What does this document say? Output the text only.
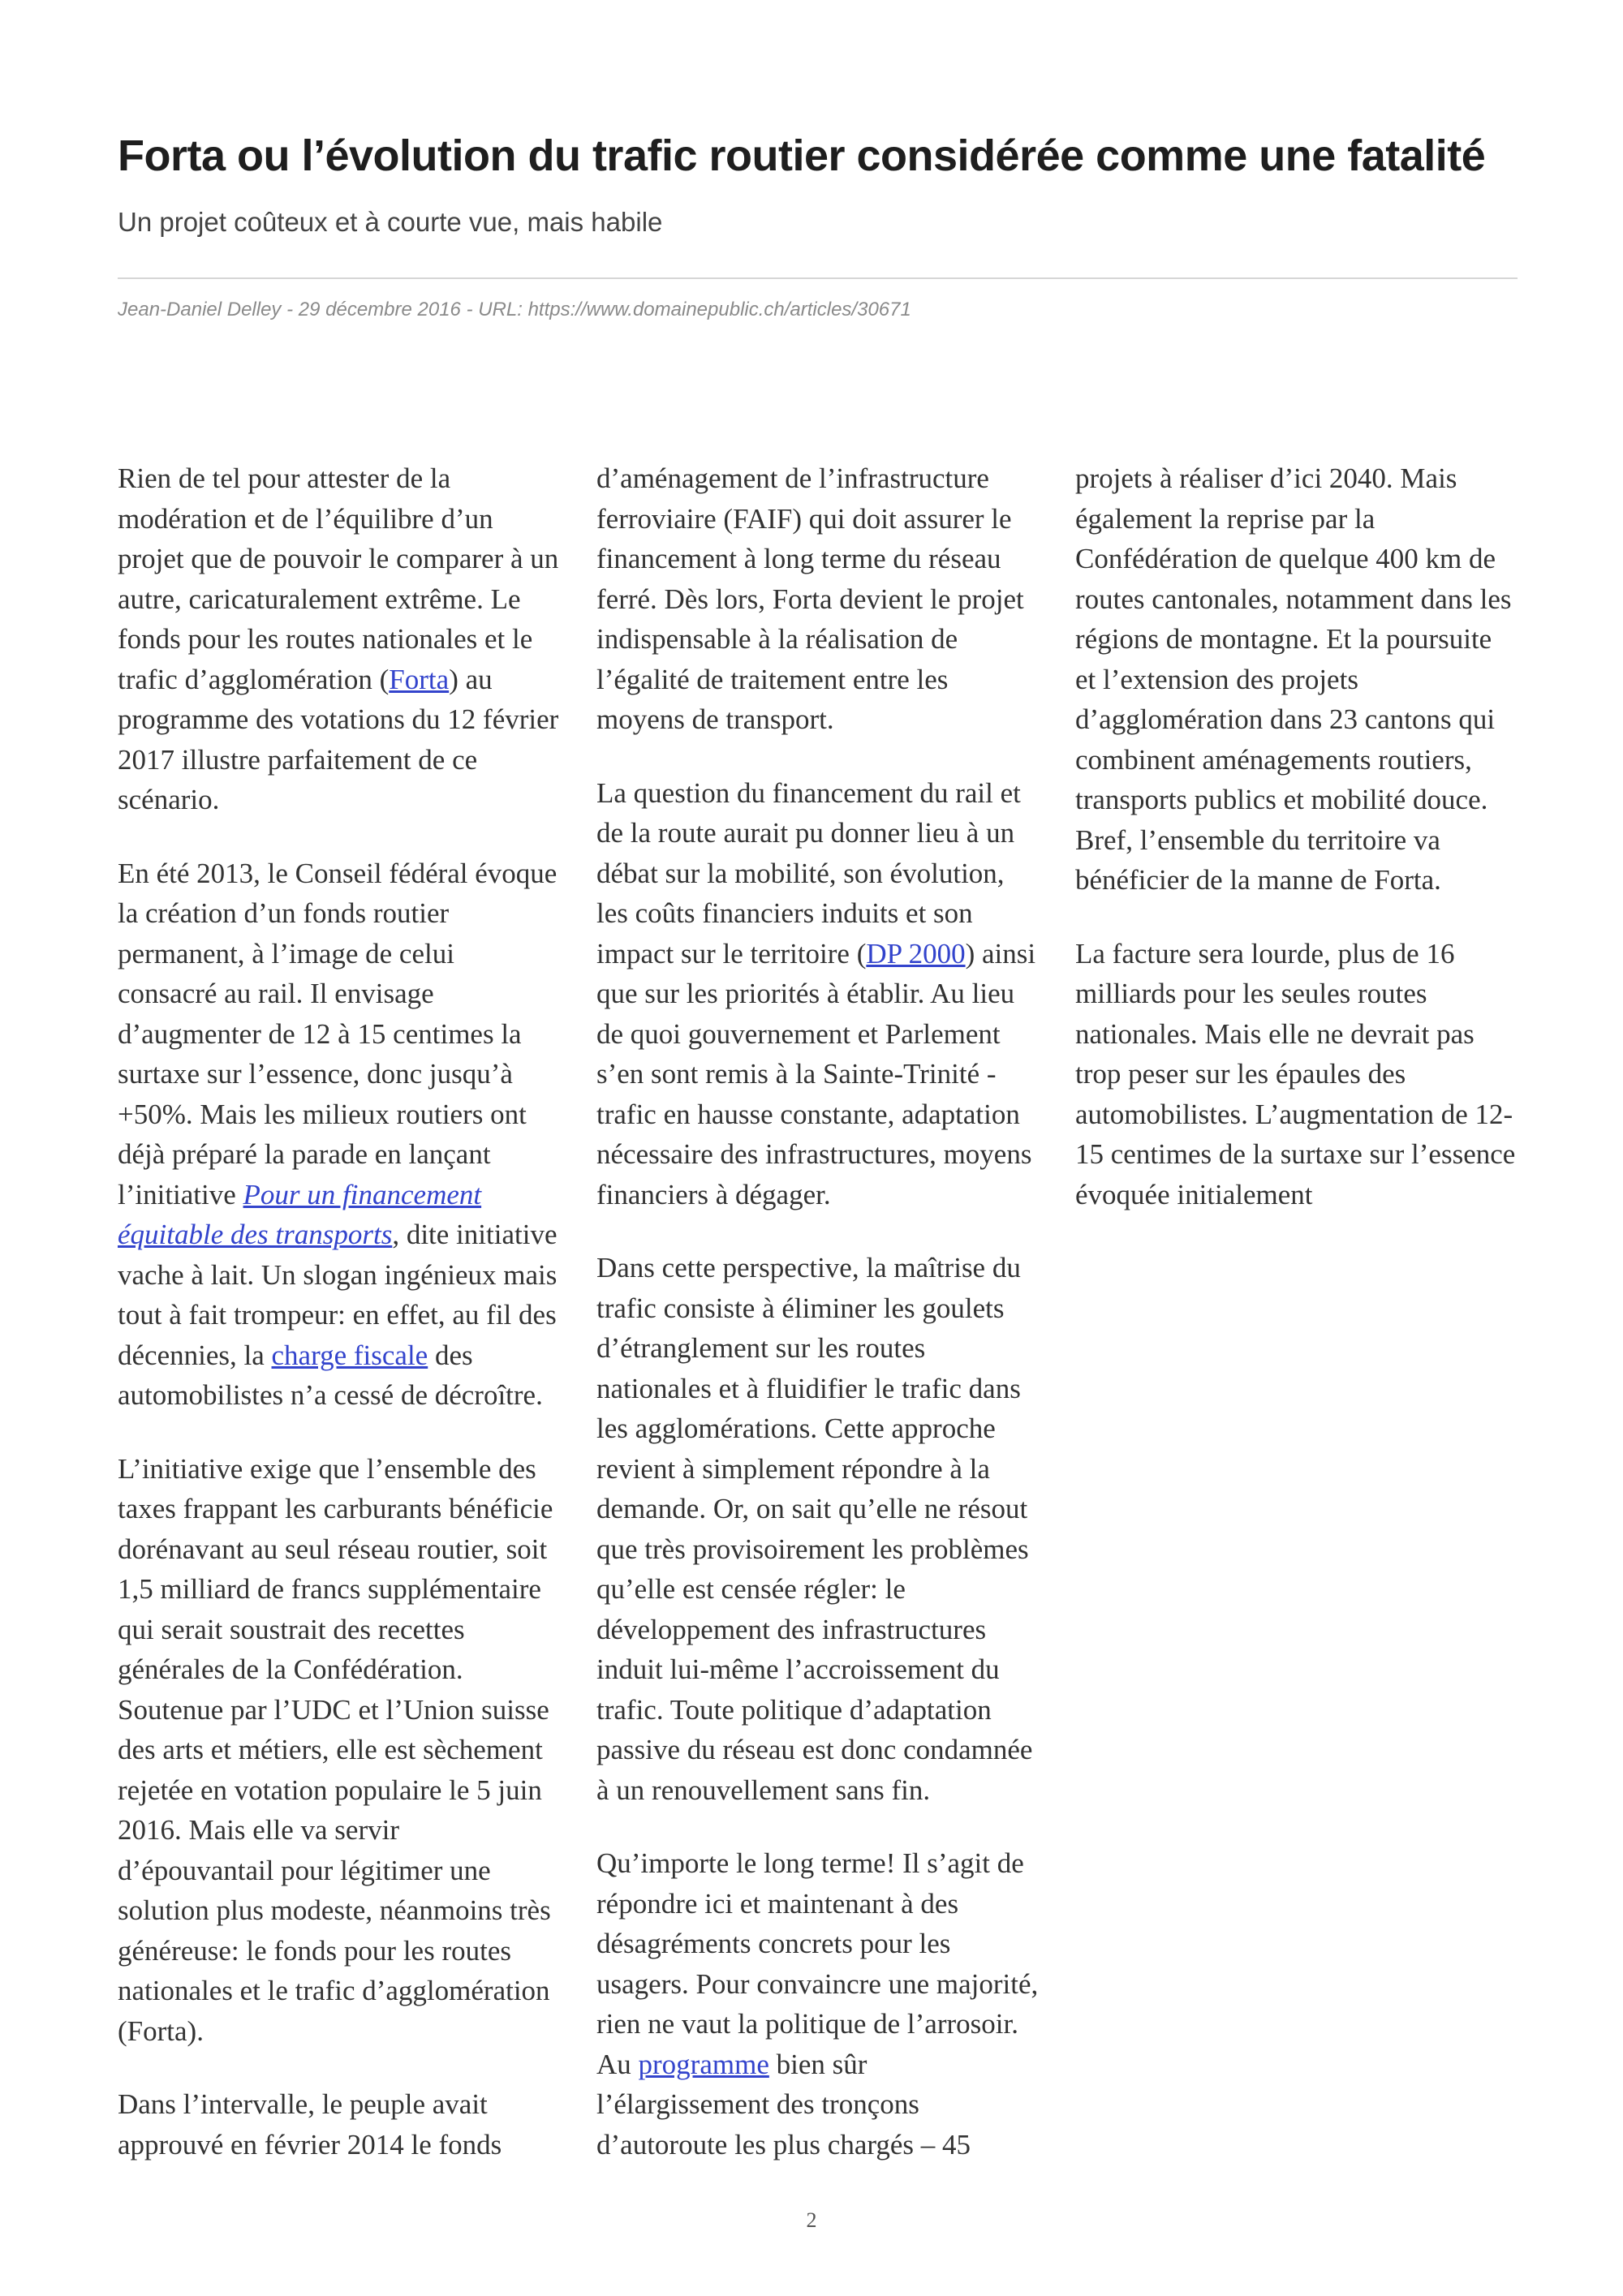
Forta ou l’évolution du trafic routier considérée comme une fatalité
Un projet coûteux et à courte vue, mais habile
Jean-Daniel Delley - 29 décembre 2016 - URL: https://www.domainepublic.ch/articles/30671

Rien de tel pour attester de la modération et de l’équilibre d’un projet que de pouvoir le comparer à un autre, caricaturalement extrême. Le fonds pour les routes nationales et le trafic d’agglomération (Forta) au programme des votations du 12 février 2017 illustre parfaitement de ce scénario.

En été 2013, le Conseil fédéral évoque la création d’un fonds routier permanent, à l’image de celui consacré au rail. Il envisage d’augmenter de 12 à 15 centimes la surtaxe sur l’essence, donc jusqu’à +50%. Mais les milieux routiers ont déjà préparé la parade en lançant l’initiative Pour un financement équitable des transports, dite initiative vache à lait. Un slogan ingénieux mais tout à fait trompeur: en effet, au fil des décennies, la charge fiscale des automobilistes n’a cessé de décroître.

L’initiative exige que l’ensemble des taxes frappant les carburants bénéficie dorénavant au seul réseau routier, soit 1,5 milliard de francs supplémentaire qui serait soustrait des recettes générales de la Confédération. Soutenue par l’UDC et l’Union suisse des arts et métiers, elle est sèchement rejetée en votation populaire le 5 juin 2016. Mais elle va servir d’épouvantail pour légitimer une solution plus modeste, néanmoins très généreuse: le fonds pour les routes nationales et le trafic d’agglomération (Forta).

Dans l’intervalle, le peuple avait approuvé en février 2014 le fonds d’aménagement de l’infrastructure ferroviaire (FAIF) qui doit assurer le financement à long terme du réseau ferré. Dès lors, Forta devient le projet indispensable à la réalisation de l’égalité de traitement entre les moyens de transport.

La question du financement du rail et de la route aurait pu donner lieu à un débat sur la mobilité, son évolution, les coûts financiers induits et son impact sur le territoire (DP 2000) ainsi que sur les priorités à établir. Au lieu de quoi gouvernement et Parlement s’en sont remis à la Sainte-Trinité - trafic en hausse constante, adaptation nécessaire des infrastructures, moyens financiers à dégager.

Dans cette perspective, la maîtrise du trafic consiste à éliminer les goulets d’étranglement sur les routes nationales et à fluidifier le trafic dans les agglomérations. Cette approche revient à simplement répondre à la demande. Or, on sait qu’elle ne résout que très provisoirement les problèmes qu’elle est censée régler: le développement des infrastructures induit lui-même l’accroissement du trafic. Toute politique d’adaptation passive du réseau est donc condamnée à un renouvellement sans fin.

Qu’importe le long terme! Il s’agit de répondre ici et maintenant à des désagréments concrets pour les usagers. Pour convaincre une majorité, rien ne vaut la politique de l’arrosoir. Au programme bien sûr l’élargissement des tronçons d’autoroute les plus chargés – 45 projets à réaliser d’ici 2040. Mais également la reprise par la Confédération de quelque 400 km de routes cantonales, notamment dans les régions de montagne. Et la poursuite et l’extension des projets d’agglomération dans 23 cantons qui combinent aménagements routiers, transports publics et mobilité douce. Bref, l’ensemble du territoire va bénéficier de la manne de Forta.

La facture sera lourde, plus de 16 milliards pour les seules routes nationales. Mais elle ne devrait pas trop peser sur les épaules des automobilistes. L’augmentation de 12-15 centimes de la surtaxe sur l’essence évoquée initialement

2
